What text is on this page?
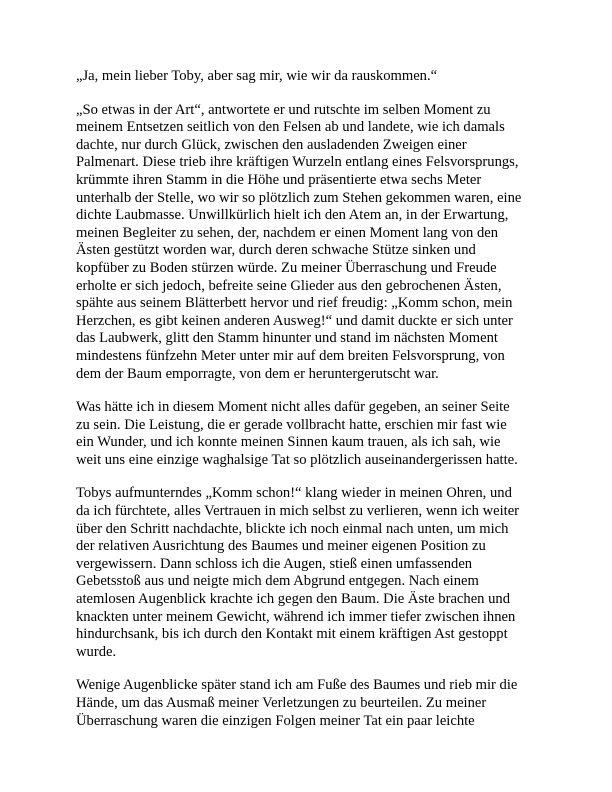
„Ja, mein lieber Toby, aber sag mir, wie wir da rauskommen.“

„So etwas in der Art“, antwortete er und rutschte im selben Moment zu
meinem Entsetzen seitlich von den Felsen ab und landete, wie ich damals
dachte, nur durch Glück, zwischen den ausladenden Zweigen einer
Palmenart. Diese trieb ihre kräftigen Wurzeln entlang eines Felsvorsprungs,
krümmte ihren Stamm in die Höhe und präsentierte etwa sechs Meter
unterhalb der Stelle, wo wir so plötzlich zum Stehen gekommen waren, eine
dichte Laubmasse. Unwillkürlich hielt ich den Atem an, in der Erwartung,
meinen Begleiter zu sehen, der, nachdem er einen Moment lang von den
Ästen gestützt worden war, durch deren schwache Stütze sinken und
kopfüber zu Boden stürzen würde. Zu meiner Überraschung und Freude
erholte er sich jedoch, befreite seine Glieder aus den gebrochenen Ästen,
spähte aus seinem Blätterbett hervor und rief freudig: „Komm schon, mein
Herzchen, es gibt keinen anderen Ausweg!“ und damit duckte er sich unter
das Laubwerk, glitt den Stamm hinunter und stand im nächsten Moment
mindestens fünfzehn Meter unter mir auf dem breiten Felsvorsprung, von
dem der Baum emporragte, von dem er heruntergerutscht war.

Was hätte ich in diesem Moment nicht alles dafür gegeben, an seiner Seite
zu sein. Die Leistung, die er gerade vollbracht hatte, erschien mir fast wie
ein Wunder, und ich konnte meinen Sinnen kaum trauen, als ich sah, wie
weit uns eine einzige waghalsige Tat so plötzlich auseinandergerissen hatte.

Tobys aufmunterndes „Komm schon!“ klang wieder in meinen Ohren, und
da ich fürchtete, alles Vertrauen in mich selbst zu verlieren, wenn ich weiter
über den Schritt nachdachte, blickte ich noch einmal nach unten, um mich
der relativen Ausrichtung des Baumes und meiner eigenen Position zu
vergewissern. Dann schloss ich die Augen, stieß einen umfassenden
Gebetsstoß aus und neigte mich dem Abgrund entgegen. Nach einem
atemlosen Augenblick krachte ich gegen den Baum. Die Äste brachen und
knackten unter meinem Gewicht, während ich immer tiefer zwischen ihnen
hindurchsank, bis ich durch den Kontakt mit einem kräftigen Ast gestoppt
wurde.

Wenige Augenblicke später stand ich am Fuße des Baumes und rieb mir die
Hände, um das Ausmaß meiner Verletzungen zu beurteilen. Zu meiner
Überraschung waren die einzigen Folgen meiner Tat ein paar leichte
